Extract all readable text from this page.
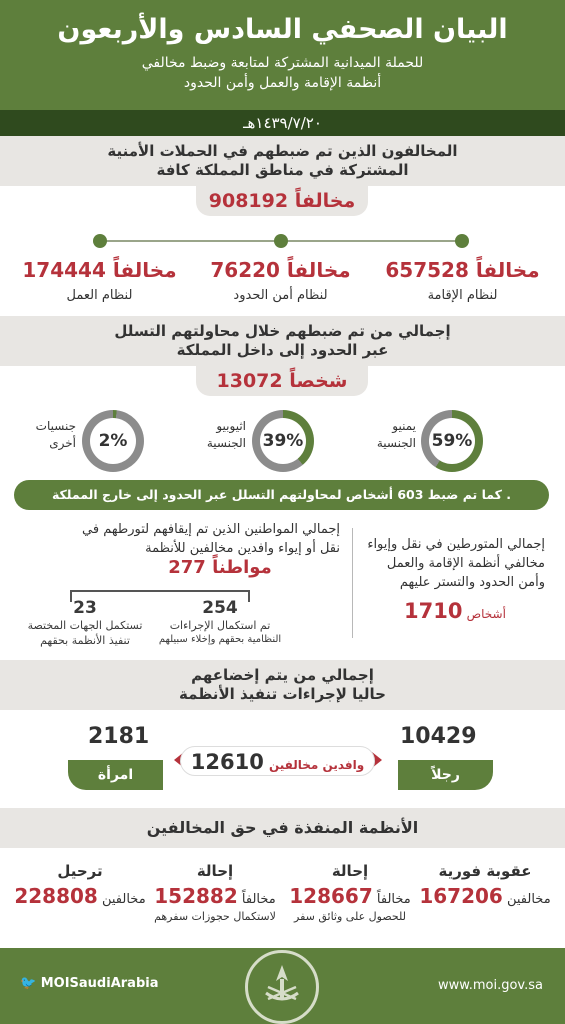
البيان الصحفي السادس والأربعون
للحملة الميدانية المشتركة لمتابعة وضبط مخالفي
أنظمة الإقامة والعمل وأمن الحدود
١٤٣٩/٧/٢٠هـ
المخالفون الذين تم ضبطهم في الحملات الأمنية
المشتركة في مناطق المملكة كافة
908192 مخالفاً
657528 مخالفاً
لنظام الإقامة
76220 مخالفاً
لنظام أمن الحدود
174444 مخالفاً
لنظام العمل
إجمالي من تم ضبطهم خلال محاولتهم التسلل
عبر الحدود إلى داخل المملكة
13072 شخصاً
59%
يمنيو
الجنسية
39%
اثيوبيو
الجنسية
2%
جنسيات
أخرى
كما تم ضبط 603 أشخاص لمحاولتهم التسلل عبر الحدود إلى خارج المملكة .
إجمالي المواطنين الذين تم إيقافهم لتورطهم في
نقل أو إيواء وافدين مخالفين للأنظمة
277 مواطناً
254
تم استكمال الإجراءات
النظامية بحقهم وإخلاء سبيلهم
23
تستكمل الجهات المختصة
تنفيذ الأنظمة بحقهم
إجمالي المتورطين في نقل وإيواء
مخالفي أنظمة الإقامة والعمل
وأمن الحدود والتستر عليهم
1710 أشخاص
إجمالي من يتم إخضاعهم
حاليا لإجراءات تنفيذ الأنظمة
10429
رجلاً
2181
امرأة
وافدين مخالفين 12610
الأنظمة المنفذة في حق المخالفين
عقوبة فورية
167206 مخالفين
إحالة
128667 مخالفاً
للحصول على وثائق سفر
إحالة
152882 مخالفاً
لاستكمال حجوزات سفرهم
ترحيل
228808 مخالفين
🐦 MOISaudiArabia	www.moi.gov.sa
